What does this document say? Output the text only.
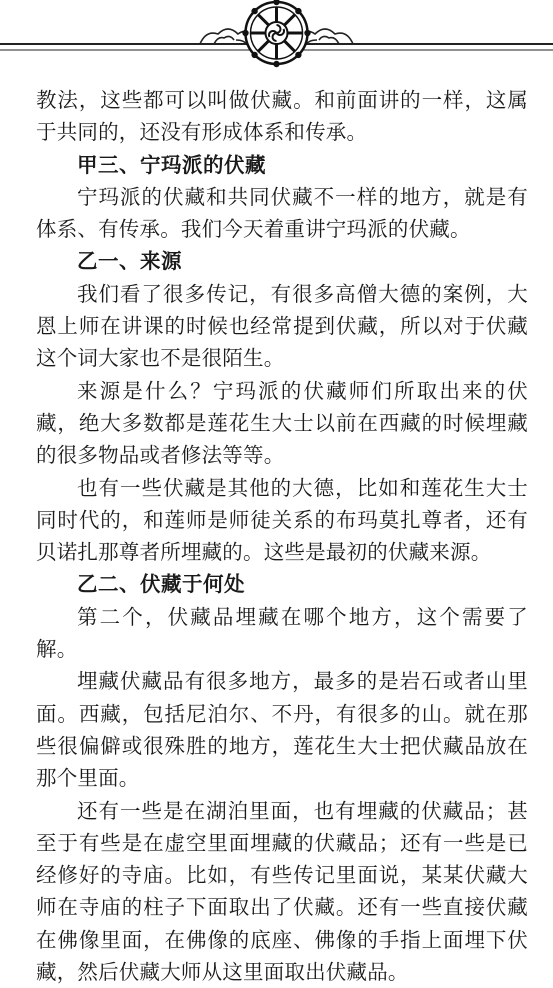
教法，这些都可以叫做伏藏。和前面讲的一样，这属于共同的，还没有形成体系和传承。

甲三、宁玛派的伏藏

宁玛派的伏藏和共同伏藏不一样的地方，就是有体系、有传承。我们今天着重讲宁玛派的伏藏。

乙一、来源

我们看了很多传记，有很多高僧大德的案例，大恩上师在讲课的时候也经常提到伏藏，所以对于伏藏这个词大家也不是很陌生。

来源是什么？宁玛派的伏藏师们所取出来的伏藏，绝大多数都是莲花生大士以前在西藏的时候埋藏的很多物品或者修法等等。

也有一些伏藏是其他的大德，比如和莲花生大士同时代的，和莲师是师徒关系的布玛莫扎尊者，还有贝诺扎那尊者所埋藏的。这些是最初的伏藏来源。

乙二、伏藏于何处

第二个，伏藏品埋藏在哪个地方，这个需要了解。

埋藏伏藏品有很多地方，最多的是岩石或者山里面。西藏，包括尼泊尔、不丹，有很多的山。就在那些很偏僻或很殊胜的地方，莲花生大士把伏藏品放在那个里面。

还有一些是在湖泊里面，也有埋藏的伏藏品；甚至于有些是在虚空里面埋藏的伏藏品；还有一些是已经修好的寺庙。比如，有些传记里面说，某某伏藏大师在寺庙的柱子下面取出了伏藏。还有一些直接伏藏在佛像里面，在佛像的底座、佛像的手指上面埋下伏藏，然后伏藏大师从这里面取出伏藏品。
